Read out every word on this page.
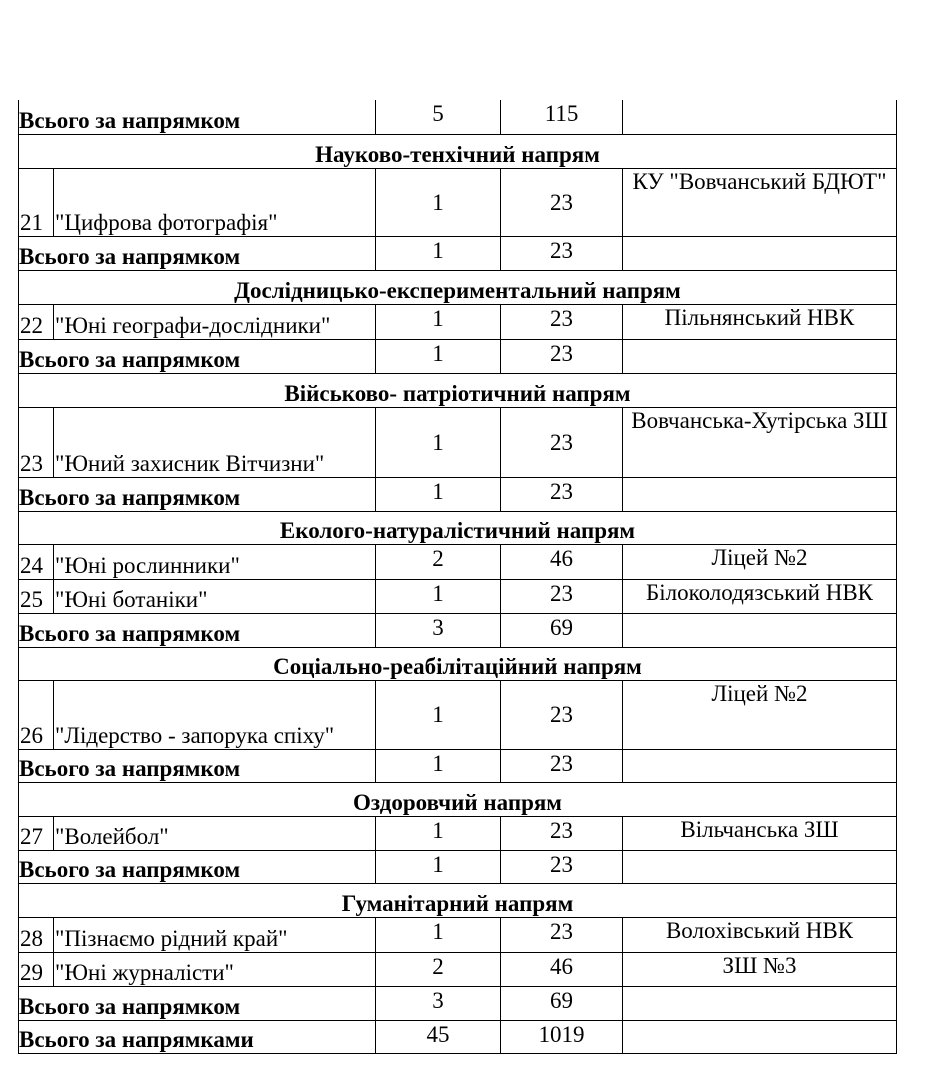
Всього за напрямком		5	115	
Науково-тенхічний напрям				
21	"Цифрова фотографія"	1	23	КУ "Вовчанський БДЮТ"
Всього за напрямком		1	23	
Дослідницько-експериментальний напрям				
22	"Юні географи-дослідники"	1	23	Пільнянський НВК
Всього за напрямком		1	23	
Військово- патріотичний напрям				
23	"Юний захисник Вітчизни"	1	23	Вовчанська-Хутірська ЗШ
Всього за напрямком		1	23	
Еколого-натуралістичний напрям				
24	"Юні рослинники"	2	46	Ліцей №2
25	"Юні ботаніки"	1	23	Білоколодязський НВК
Всього за напрямком		3	69	
Соціально-реабілітаційний напрям				
26	"Лідерство - запорука спіху"	1	23	Ліцей №2
Всього за напрямком		1	23	
Оздоровчий напрям				
27	"Волейбол"	1	23	Вільчанська ЗШ
Всього за напрямком		1	23	
Гуманітарний напрям				
28	"Пізнаємо рідний край"	1	23	Волохівський НВК
29	"Юні журналісти"	2	46	ЗШ №3
Всього за напрямком		3	69	
Всього за напрямками		45	1019	
